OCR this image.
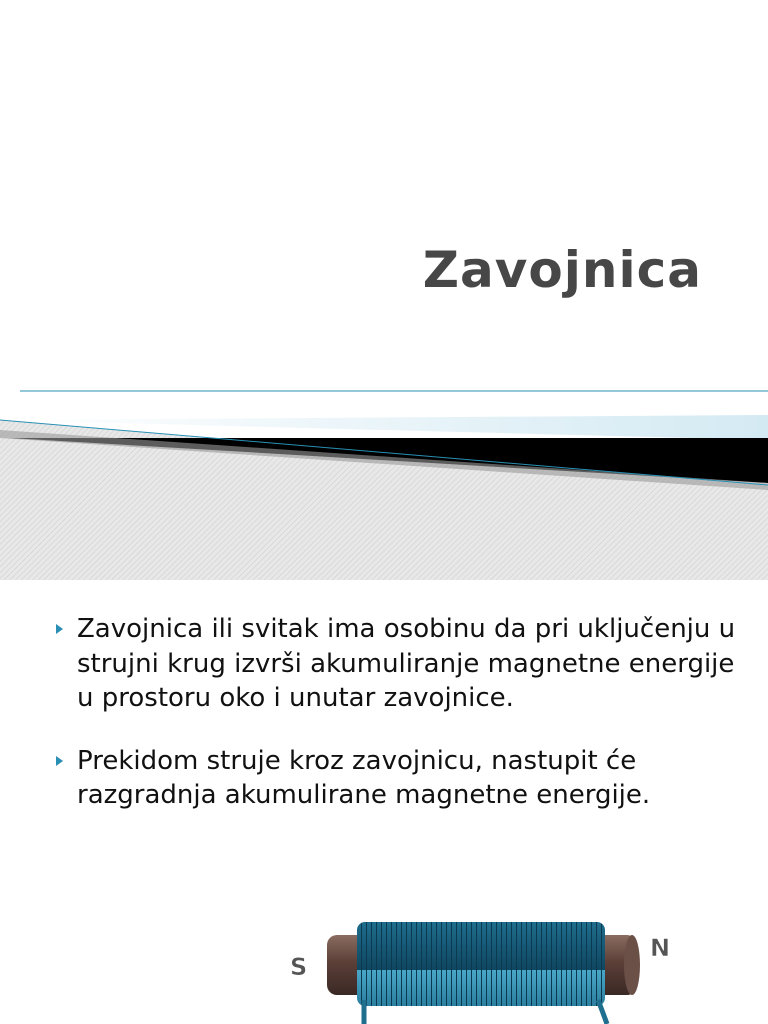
Zavojnica
Zavojnica ili svitak ima osobinu da pri uključenju u strujni krug izvrši akumuliranje magnetne energije u prostoru oko i unutar zavojnice.
Prekidom struje kroz zavojnicu, nastupit će razgradnja akumulirane magnetne energije.
S
N
